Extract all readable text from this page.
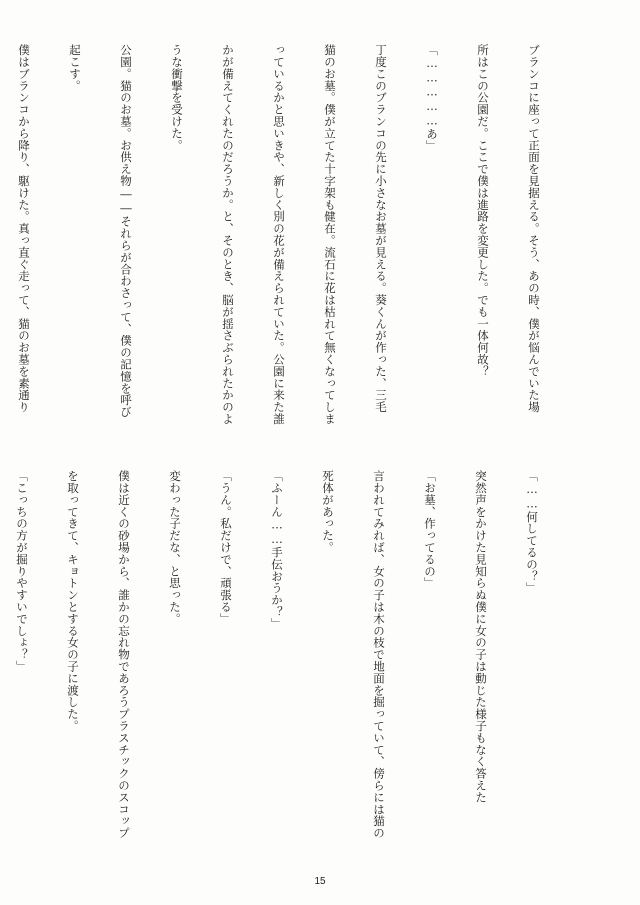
ブランコに座って正面を見据える。そう、あの時、僕が悩んでいた場

所はこの公園だ。ここで僕は進路を変更した。でも一体何故？

「……………あ」

丁度このブランコの先に小さなお墓が見える。葵くんが作った、三毛

猫のお墓。僕が立てた十字架も健在。流石に花は枯れて無くなってしま

っているかと思いきや、新しく別の花が備えられていた。公園に来た誰

かが備えてくれたのだろうか。と、そのとき、脳が揺さぶられたかのよ

うな衝撃を受けた。

公園。猫のお墓。お供え物――それらが合わさって、僕の記憶を呼び

起こす。

僕はブランコから降り、駆けた。真っ直ぐ走って、猫のお墓を素通り

「……何してるの？」

突然声をかけた見知らぬ僕に女の子は動じた様子もなく答えた

「お墓、作ってるの」

言われてみれば、女の子は木の枝で地面を掘っていて、傍らには猫の

死体があった。

「ふーん……手伝おうか？」

「うん。私だけで、頑張る」

変わった子だな、と思った。

僕は近くの砂場から、誰かの忘れ物であろうプラスチックのスコップ

を取ってきて、キョトンとする女の子に渡した。

「こっちの方が掘りやすいでしょ？」

15
